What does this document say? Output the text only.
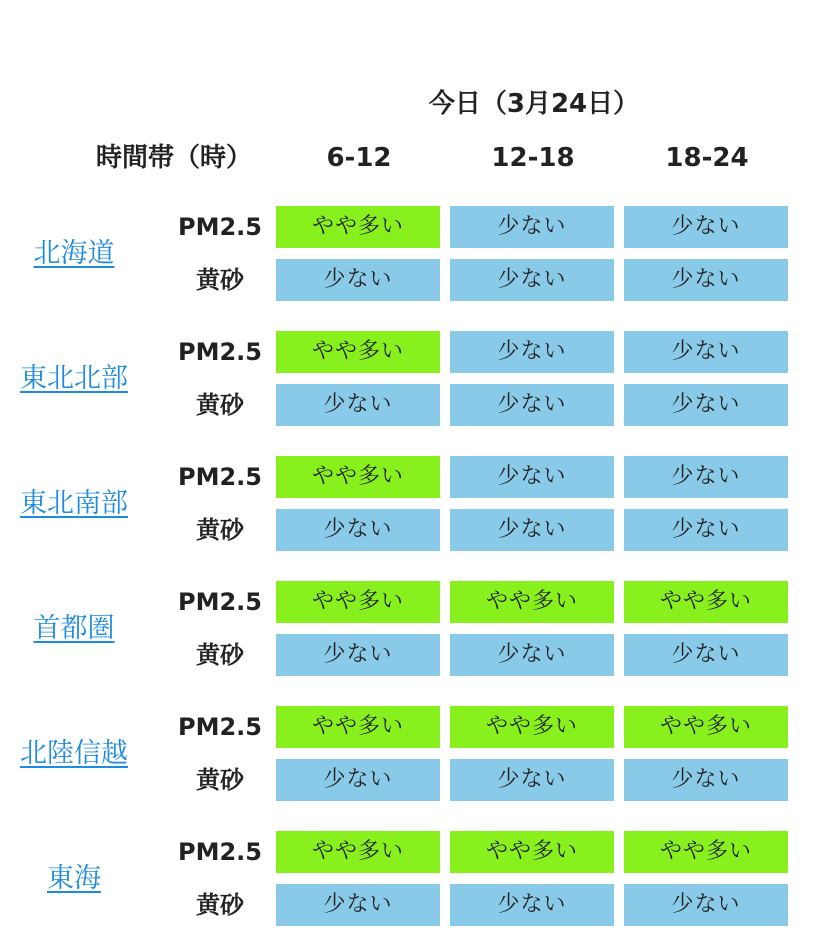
今日（3月24日）
時間帯（時）	6-12	12-18	18-24
北海道
PM2.5	やや多い	少ない	少ない
黄砂	少ない	少ない	少ない
東北北部
PM2.5	やや多い	少ない	少ない
黄砂	少ない	少ない	少ない
東北南部
PM2.5	やや多い	少ない	少ない
黄砂	少ない	少ない	少ない
首都圏
PM2.5	やや多い	やや多い	やや多い
黄砂	少ない	少ない	少ない
北陸信越
PM2.5	やや多い	やや多い	やや多い
黄砂	少ない	少ない	少ない
東海
PM2.5	やや多い	やや多い	やや多い
黄砂	少ない	少ない	少ない
